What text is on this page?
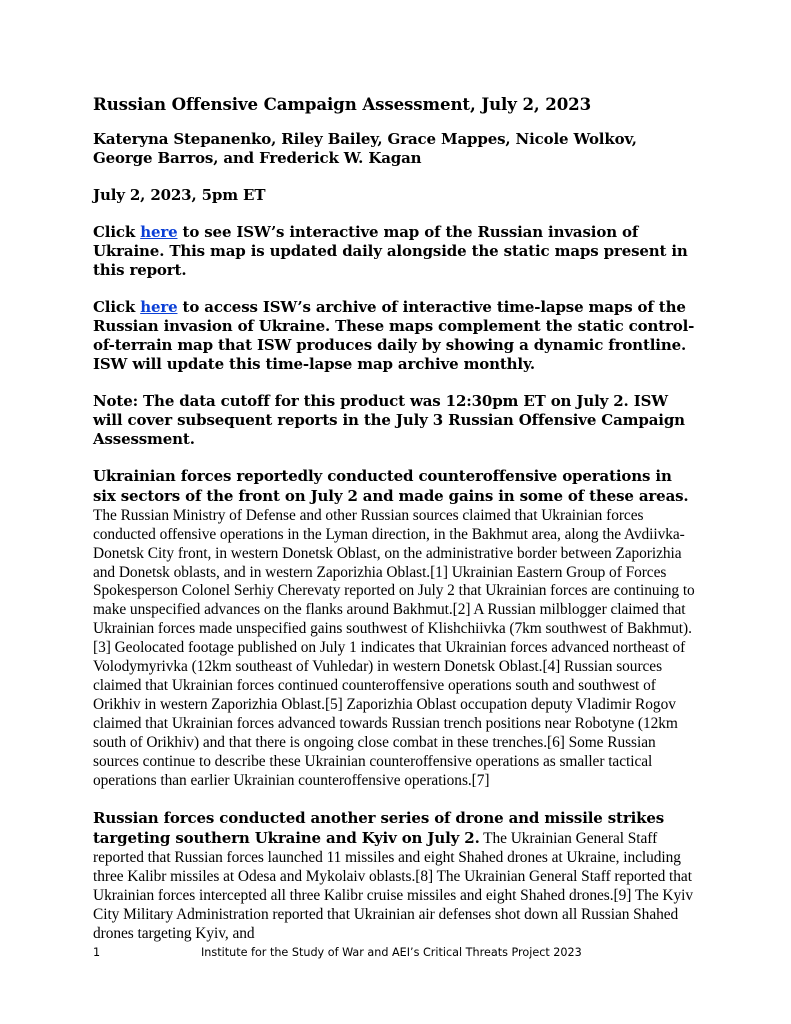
Russian Offensive Campaign Assessment, July 2, 2023

Kateryna Stepanenko, Riley Bailey, Grace Mappes, Nicole Wolkov, George Barros, and Frederick W. Kagan

July 2, 2023, 5pm ET

Click here to see ISW’s interactive map of the Russian invasion of Ukraine. This map is updated daily alongside the static maps present in this report.

Click here to access ISW’s archive of interactive time-lapse maps of the Russian invasion of Ukraine. These maps complement the static control-of-terrain map that ISW produces daily by showing a dynamic frontline. ISW will update this time-lapse map archive monthly.

Note: The data cutoff for this product was 12:30pm ET on July 2. ISW will cover subsequent reports in the July 3 Russian Offensive Campaign Assessment.

Ukrainian forces reportedly conducted counteroffensive operations in six sectors of the front on July 2 and made gains in some of these areas. The Russian Ministry of Defense and other Russian sources claimed that Ukrainian forces conducted offensive operations in the Lyman direction, in the Bakhmut area, along the Avdiivka-Donetsk City front, in western Donetsk Oblast, on the administrative border between Zaporizhia and Donetsk oblasts, and in western Zaporizhia Oblast.[1] Ukrainian Eastern Group of Forces Spokesperson Colonel Serhiy Cherevaty reported on July 2 that Ukrainian forces are continuing to make unspecified advances on the flanks around Bakhmut.[2] A Russian milblogger claimed that Ukrainian forces made unspecified gains southwest of Klishchiivka (7km southwest of Bakhmut).[3] Geolocated footage published on July 1 indicates that Ukrainian forces advanced northeast of Volodymyrivka (12km southeast of Vuhledar) in western Donetsk Oblast.[4] Russian sources claimed that Ukrainian forces continued counteroffensive operations south and southwest of Orikhiv in western Zaporizhia Oblast.[5] Zaporizhia Oblast occupation deputy Vladimir Rogov claimed that Ukrainian forces advanced towards Russian trench positions near Robotyne (12km south of Orikhiv) and that there is ongoing close combat in these trenches.[6] Some Russian sources continue to describe these Ukrainian counteroffensive operations as smaller tactical operations than earlier Ukrainian counteroffensive operations.[7]

Russian forces conducted another series of drone and missile strikes targeting southern Ukraine and Kyiv on July 2. The Ukrainian General Staff reported that Russian forces launched 11 missiles and eight Shahed drones at Ukraine, including three Kalibr missiles at Odesa and Mykolaiv oblasts.[8] The Ukrainian General Staff reported that Ukrainian forces intercepted all three Kalibr cruise missiles and eight Shahed drones.[9] The Kyiv City Military Administration reported that Ukrainian air defenses shot down all Russian Shahed drones targeting Kyiv, and

1	Institute for the Study of War and AEI’s Critical Threats Project 2023
